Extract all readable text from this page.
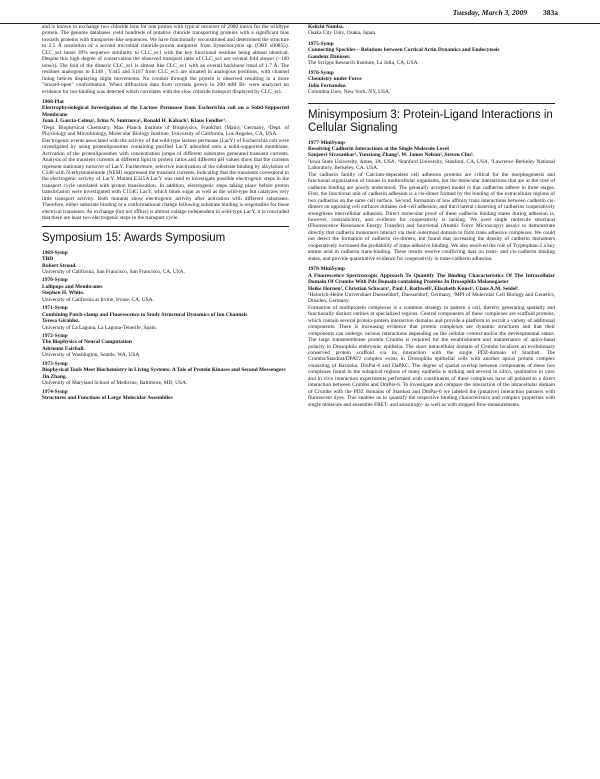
Tuesday, March 3, 2009 383a

and is known to exchange two chloride ions for one proton with typical turnover of 2000 ions/s for the wildtype protein. The genome databases yield hundreds of putative chloride transporting proteins with a significant bias towards proteins with transporter-like sequences. We have functionally reconstituted and determined the structure to 2.5 Å resolution of a second microbial chloride-proton antiporter from Synechocystis sp. (ORF sll0855). CLC_ss1 bears 39% sequence similarity to CLC_ec1 with the key functional residues being almost identical. Despite this high degree of conservation the observed transport rates of CLC_ss1 are several fold slower (~100 ions/s). The fold of the dimeric CLC_ss1 is almost like CLC_ec1 with an overall backbone rmsd of 1.7 Å. The residues analogous to E148 , Y445 and S107 from CLC_ec1 are situated in analogous positions, with channel lining helices displaying slight movements. No conduit through the protein is observed resulting in a more "inward-open" conformation. When diffraction data from crystals grown in 200 mM Br- were analyzed no evidence for ion-binding was detected which correlates with the slow chloride transport displayed by CLC_ss1.

1968-Plat

Electrophysiological Investigation of the Lactose Permease from Escherichia coli on a Solid-Supported Membrane

Juan J. Garcia-Celma¹, Irina N. Smirnova², Ronald H. Kaback², Klaus Fendler¹.

¹Dept. Biophysical Chemistry, Max Planck Institute of Biophysics, Frankfurt (Main), Germany, ²Dept. of Physiology and Microbiology, Molecular Biology Institute, University of California, Los Angeles, CA, USA.

Electrogenic events associated with the activity of the wild-type lactose permease (LacY) of Escherichia coli were investigated by using proteoliposomes containing purified LacY adsorbed onto a solid-supported membrane. Activation of the proteoliposomes with concentration jumps of different substrates generated transient currents. Analysis of the transient currents at different lipid to protein ratios and different pH values show that the currents represent stationary turnover of LacY. Furthermore, selective inactivation of the substrate binding by alkylation of C148 with N-ethylmaleimide (NEM) suppressed the transient currents, indicating that the transients correspond to the electrogenic activity of LacY. Mutant E325A LacY was used to investigate possible electrogenic steps in the transport cycle unrelated with proton translocation. In addition, electrogenic steps taking place before proton translocation were investigated with C154G LacY, which binds sugar as well as the wild-type but catalyzes very little transport activity. Both mutants show electrogenic activity after activation with different substrates. Therefore, either substrate binding or a conformational change following substrate binding is responsible for these electrical transients. As exchange (but not efflux) is almost voltage independent in wild-type LacY, it is concluded that there are least two electrogenic steps in the transport cycle.

Symposium 15: Awards Symposium

1969-Symp

TBD

Robert Stroud.

University of California, San Francisco, San Francisco, CA, USA.

1970-Symp

Lollipops and Membranes

Stephen H. White.

University of California at Irvine, Irvine, CA, USA.

1971-Symp

Combining Patch-clamp and Fluorescence to Study Structural Dynamics of Ion Channels

Teresa Giraldez.

University of La Laguna, La Laguna-Tenerife, Spain.

1972-Symp

The Biophysics of Neural Computation

Adrienne Fairhall.

University of Washington, Seattle, WA, USA.

1973-Symp

Biophysical Tools Meet Biochemistry in Living Systems: A Tale of Protein Kinases and Second Messengers

Jin Zhang.

University of Maryland School of Medicine, Baltimore, MD, USA.

1974-Symp

Structures and Functions of Large Molecular Assemblies

Keiichi Namba.

Osaka City Univ, Osaka, Japan.

1975-Symp

Connecting Speckles – Relations between Cortical Actin Dynamics and Endocytosis

Gaudenz Danuser.

The Scripps Research Institute, La Jolla, CA, USA.

1976-Symp

Chemistry under Force

Julio Fernandez.

Columbia Univ, New York, NY, USA.

Minisymposium 3: Protein-Ligand Interactions in Cellular Signaling

1977-MiniSymp

Resolving Cadherin Interactions at the Single Molecule Level

Sanjeevi Sivasankar¹, Yunxiang Zhang², W. James Nelson², Steven Chu³.

¹Iowa State University, Ames, IA, USA, ²Stanford University, Stanford, CA, USA, ³Lawrence Berkeley National Laboratory, Berkeley, CA, USA.

The cadherin family of Calcium-dependent cell adhesion proteins are critical for the morphogenesis and functional organization of tissues in multicellular organisms, but the molecular interactions that are at the core of cadherin binding are poorly understood. The generally accepted model is that cadherins adhere in three stages. First, the functional unit of cadherin adhesion is a cis-dimer formed by the binding of the extracellular regions of two cadherins on the same cell surface. Second, formation of low affinity trans interactions between cadherin cis-dimers on opposing cell surfaces initiates cell-cell adhesion, and third lateral clustering of cadherins cooperatively strengthens intercellular adhesion. Direct molecular proof of these cadherin binding states during adhesion is, however, contradictory, and evidence for cooperativity is lacking. We used single molecule structural (Fluorescence Resonance Energy Transfer) and functional (Atomic Force Microscopy) assays to demonstrate directly that cadherin monomers interact via their outermost domain to form trans adhesive complexes. We could not detect the formation of cadherin cis-dimers, but found that increasing the density of cadherin monomers cooperatively increased the probability of trans-adhesive binding. We also resolved the role of Tryptophan-2 a key amino acid in cadherin trans-binding. These results resolve conflicting data on trans- and cis-cadherin binding states, and provide quantitative evidence for cooperativity in trans-cadherin adhesion.

1978-MiniSymp

A Fluorescence Spectroscopic Approach To Quantify The Binding Characteristics Of The Intracellular Domain Of Crumbs With Pdz Domain-containing Proteins In Drosophila Melanogaster

Heike Hornen¹, Christian Schwarz¹, Paul J. Rothwell², Elisabeth Knust², Claus A.M. Seidel¹.

¹Heinrich-Heine Universitaet Duesseldorf, Duesseldorf, Germany, ²MPI of Molecular Cell Biology and Genetics, Dresden, Germany.

Formation of multiprotein complexes is a common strategy to pattern a cell, thereby generating spatially and functionally distinct entities at specialized regions. Central components of these complexes are scaffold proteins, which contain several protein-protein interaction domains and provide a platform to recruit a variety of additional components. There is increasing evidence that protein complexes are dynamic structures and that their components can undergo various interactions depending on the cellular context and/or the developmental status. The large transmembrane protein Crumbs is required for the establishment and maintenance of apico-basal polarity in Drosophila embryonic epithelia. The short intracellular domain of Crumbs localizes an evolutionary conserved protein scaffold via its interaction with the single PDZ-domain of Stardust. The Crumbs/Stardust/DPATJ complex exists in Drosophila epithelial cells with another apical protein complex consisting of Bazooka, DmPar-6 and DaPKC. The degree of spatial overlap between components of these two complexes found in the subapical regions of many epithelia is striking and several in silico, qualitative in vitro and in vivo interaction experiments performed with constituents of these complexes have all pointed to a direct interaction between Crumbs and DmPar-6. To investigate and compare the interaction of the intracellular domain of Crumbs with the PDZ domains of Stardust and DmPar-6 we labeled the (putative) interaction partners with fluorescent dyes. This enables us to quantify the respective binding characteristics and complex properties with single molecule and ensemble FRET- and anisotropy- as well as with stopped flow-measurements.
